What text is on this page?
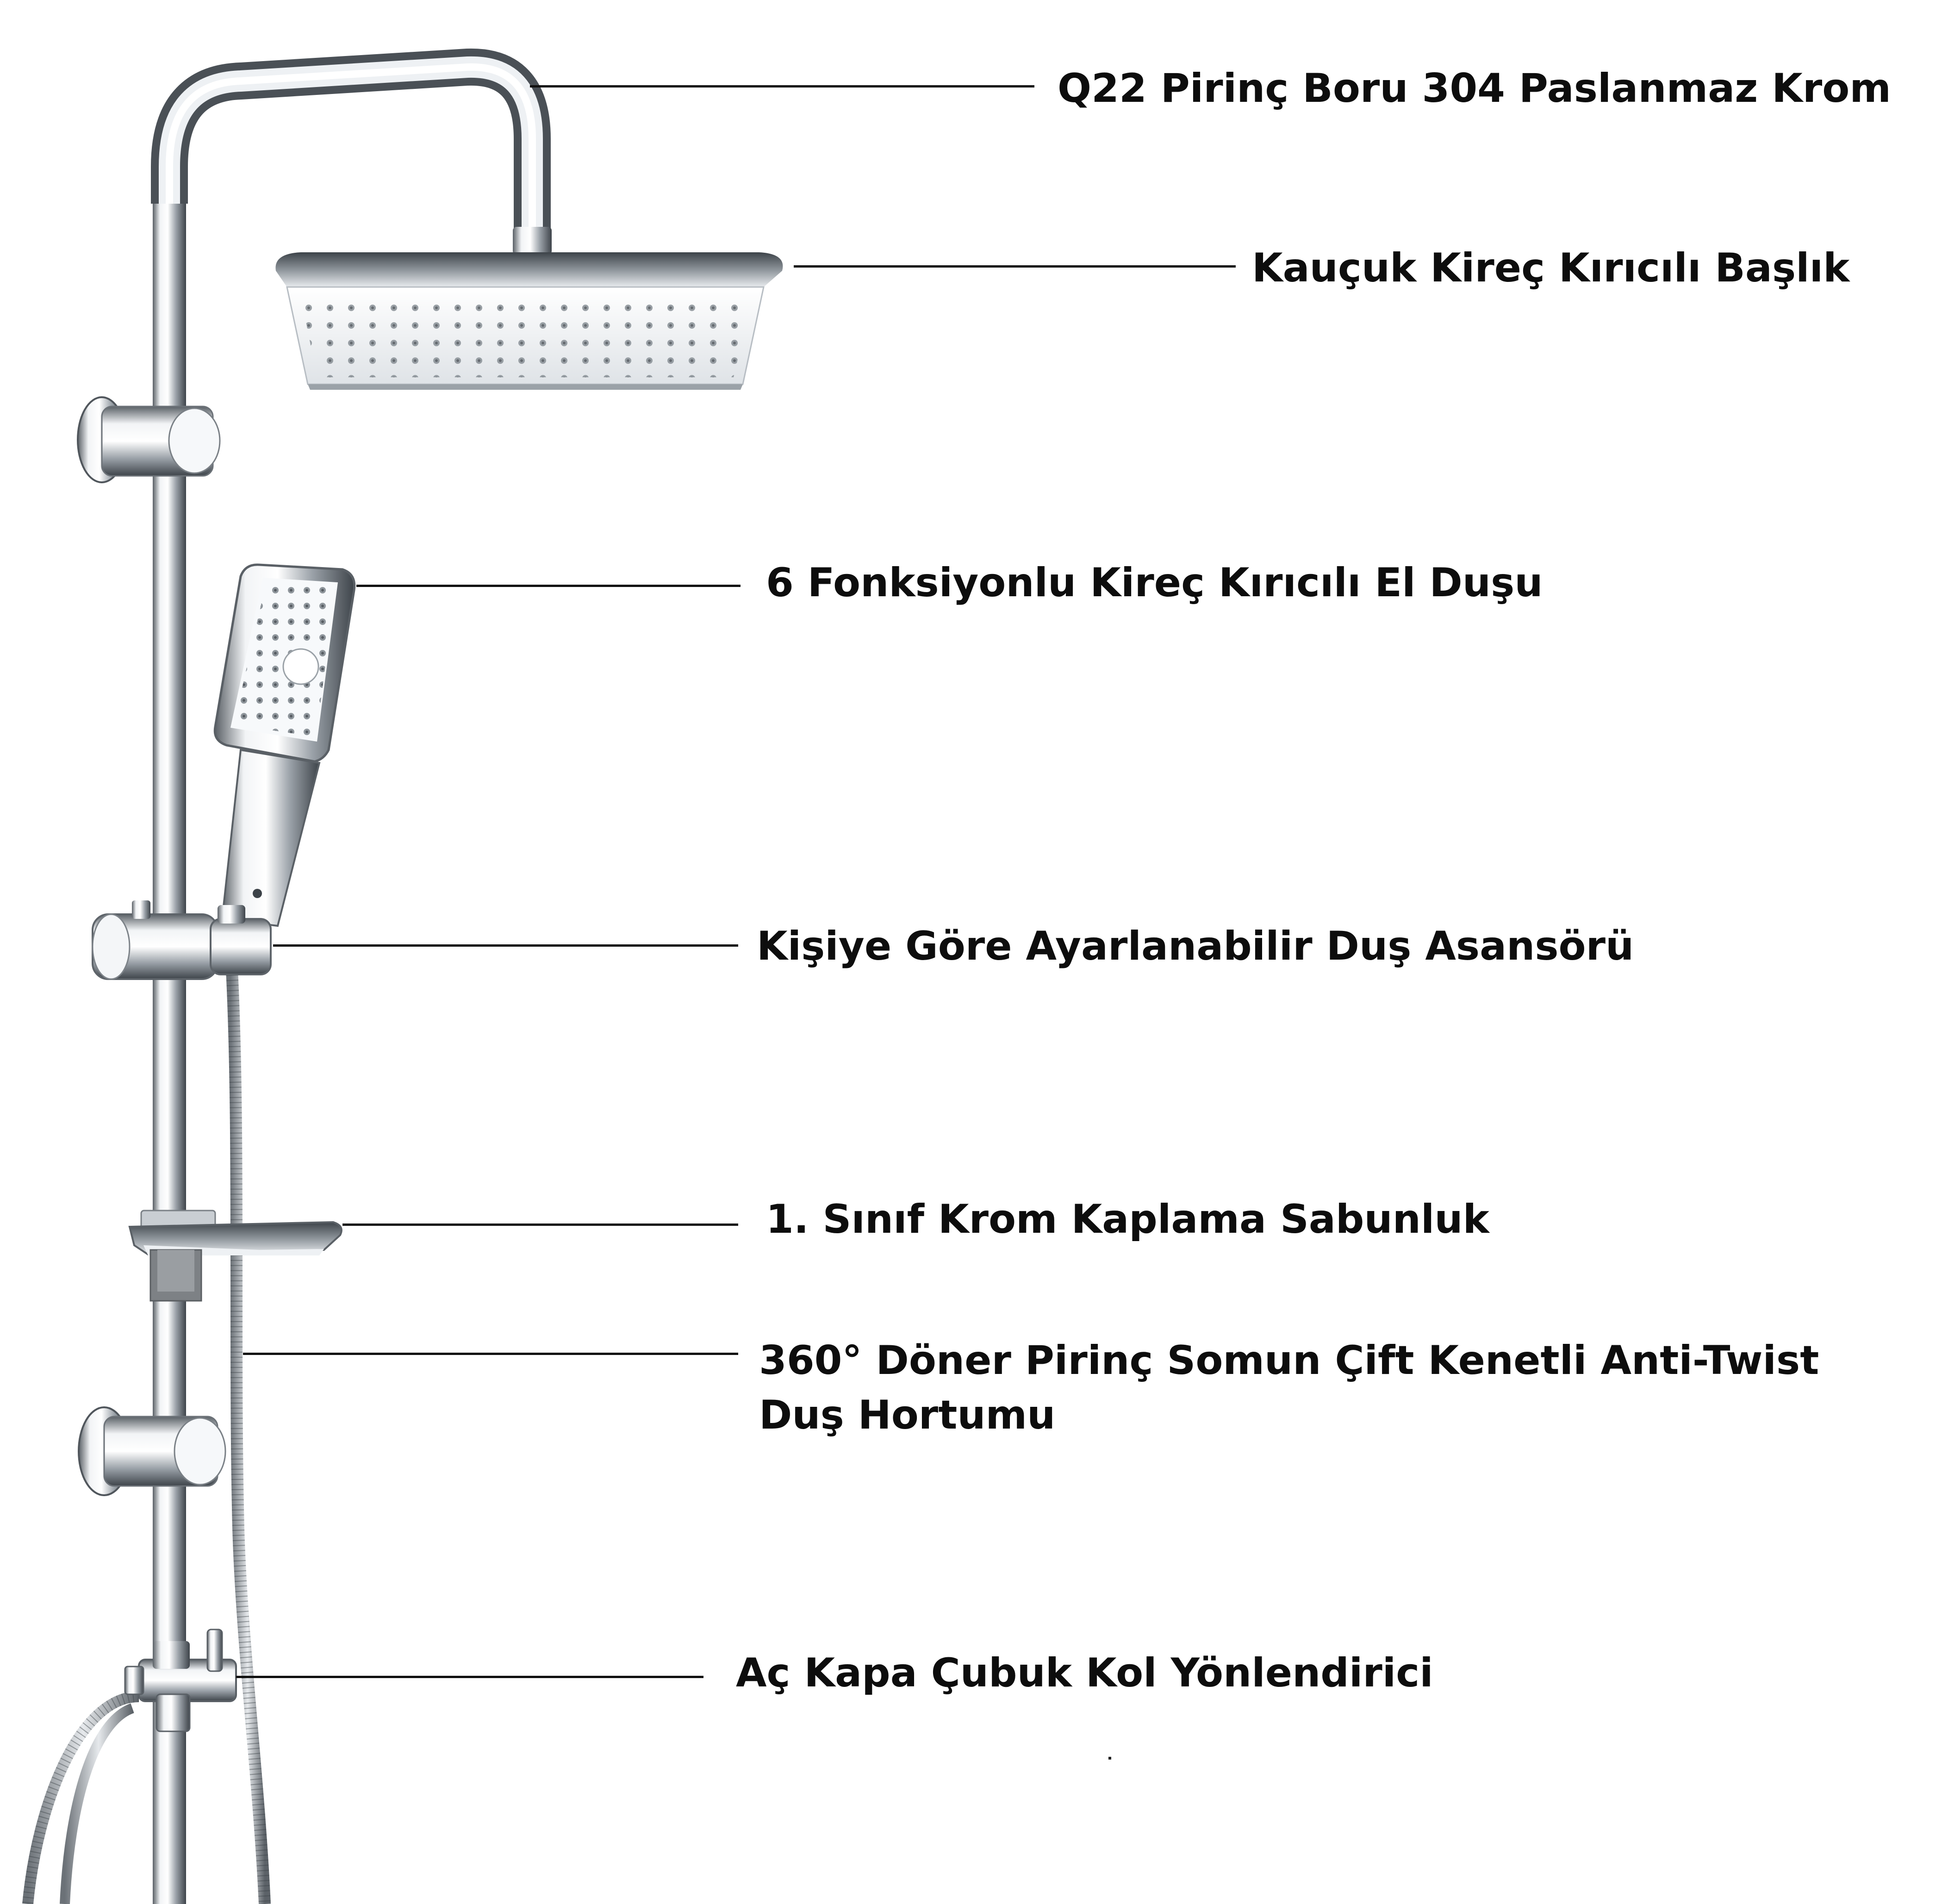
Q22 Pirinç Boru 304 Paslanmaz Krom
Kauçuk Kireç Kırıcılı Başlık
6 Fonksiyonlu Kireç Kırıcılı El Duşu
Kişiye Göre Ayarlanabilir Duş Asansörü
1. Sınıf Krom Kaplama Sabunluk
360° Döner Pirinç Somun Çift Kenetli Anti-Twist Duş Hortumu
Aç Kapa Çubuk Kol Yönlendirici
